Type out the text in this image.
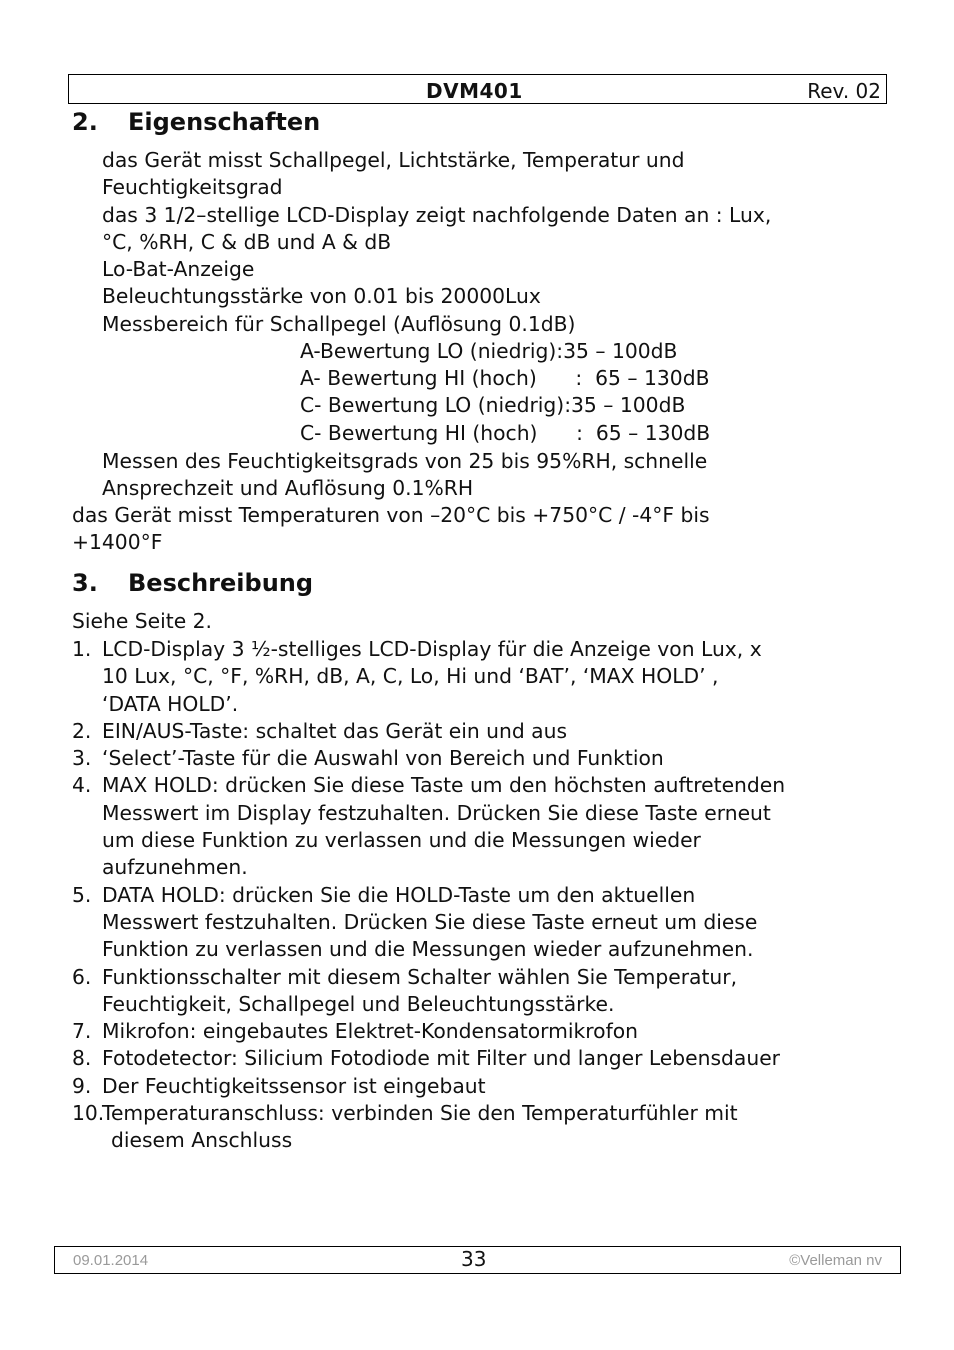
DVM401	Rev. 02
2. Eigenschaften
das Gerät misst Schallpegel, Lichtstärke, Temperatur und
Feuchtigkeitsgrad
das 3 1/2–stellige LCD-Display zeigt nachfolgende Daten an : Lux,
°C, %RH, C & dB und A & dB
Lo-Bat-Anzeige
Beleuchtungsstärke von 0.01 bis 20000Lux
Messbereich für Schallpegel (Auflösung 0.1dB)
A-Bewertung LO (niedrig):35 – 100dB
A- Bewertung HI (hoch)      :  65 – 130dB
C- Bewertung LO (niedrig):35 – 100dB
C- Bewertung HI (hoch)      :  65 – 130dB
Messen des Feuchtigkeitsgrads von 25 bis 95%RH, schnelle
Ansprechzeit und Auflösung 0.1%RH
das Gerät misst Temperaturen von –20°C bis +750°C / -4°F bis
+1400°F
3. Beschreibung
Siehe Seite 2.
1. LCD-Display 3 ½-stelliges LCD-Display für die Anzeige von Lux, x
10 Lux, °C, °F, %RH, dB, A, C, Lo, Hi und ‘BAT’, ‘MAX HOLD’ ,
‘DATA HOLD’.
2. EIN/AUS-Taste: schaltet das Gerät ein und aus
3. ‘Select’-Taste für die Auswahl von Bereich und Funktion
4. MAX HOLD: drücken Sie diese Taste um den höchsten auftretenden
Messwert im Display festzuhalten. Drücken Sie diese Taste erneut
um diese Funktion zu verlassen und die Messungen wieder
aufzunehmen.
5. DATA HOLD: drücken Sie die HOLD-Taste um den aktuellen
Messwert festzuhalten. Drücken Sie diese Taste erneut um diese
Funktion zu verlassen und die Messungen wieder aufzunehmen.
6. Funktionsschalter mit diesem Schalter wählen Sie Temperatur,
Feuchtigkeit, Schallpegel und Beleuchtungsstärke.
7. Mikrofon: eingebautes Elektret-Kondensatormikrofon
8. Fotodetector: Silicium Fotodiode mit Filter und langer Lebensdauer
9. Der Feuchtigkeitssensor ist eingebaut
10.
Temperaturanschluss: verbinden Sie den Temperaturfühler mit
diesem Anschluss
09.01.2014	33	©Velleman nv
